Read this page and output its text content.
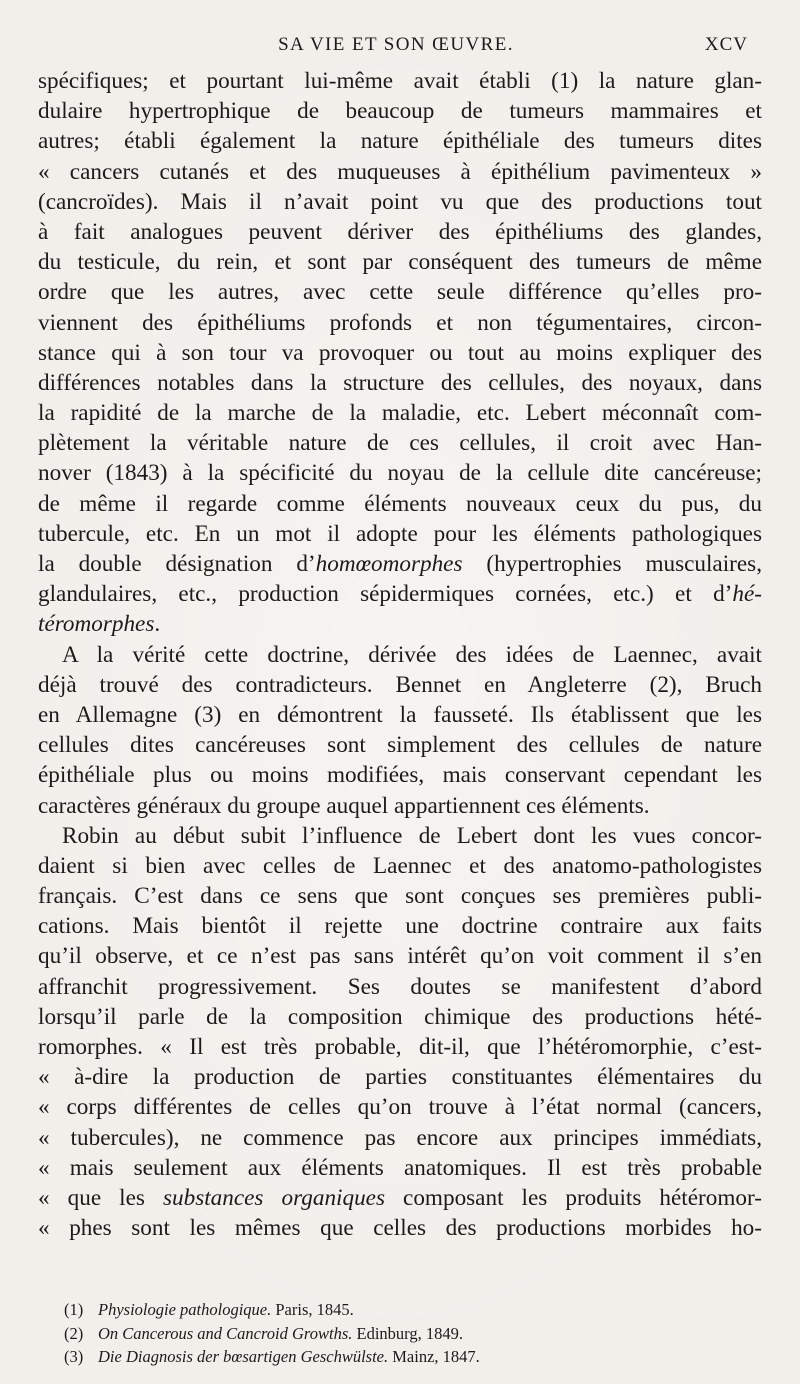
SA VIE ET SON ŒUVRE.	XCV
spécifiques; et pourtant lui-même avait établi (1) la nature glan-
dulaire hypertrophique de beaucoup de tumeurs mammaires et
autres; établi également la nature épithéliale des tumeurs dites
« cancers cutanés et des muqueuses à épithélium pavimenteux »
(cancroïdes). Mais il n’avait point vu que des productions tout
à fait analogues peuvent dériver des épithéliums des glandes,
du testicule, du rein, et sont par conséquent des tumeurs de même
ordre que les autres, avec cette seule différence qu’elles pro-
viennent des épithéliums profonds et non tégumentaires, circon-
stance qui à son tour va provoquer ou tout au moins expliquer des
différences notables dans la structure des cellules, des noyaux, dans
la rapidité de la marche de la maladie, etc. Lebert méconnaît com-
plètement la véritable nature de ces cellules, il croit avec Han-
nover (1843) à la spécificité du noyau de la cellule dite cancéreuse;
de même il regarde comme éléments nouveaux ceux du pus, du
tubercule, etc. En un mot il adopte pour les éléments pathologiques
la double désignation d’homœomorphes (hypertrophies musculaires,
glandulaires, etc., production sépidermiques cornées, etc.) et d’hé-
téromorphes.
A la vérité cette doctrine, dérivée des idées de Laennec, avait
déjà trouvé des contradicteurs. Bennet en Angleterre (2), Bruch
en Allemagne (3) en démontrent la fausseté. Ils établissent que les
cellules dites cancéreuses sont simplement des cellules de nature
épithéliale plus ou moins modifiées, mais conservant cependant les
caractères généraux du groupe auquel appartiennent ces éléments.
Robin au début subit l’influence de Lebert dont les vues concor-
daient si bien avec celles de Laennec et des anatomo-pathologistes
français. C’est dans ce sens que sont conçues ses premières publi-
cations. Mais bientôt il rejette une doctrine contraire aux faits
qu’il observe, et ce n’est pas sans intérêt qu’on voit comment il s’en
affranchit progressivement. Ses doutes se manifestent d’abord
lorsqu’il parle de la composition chimique des productions hété-
romorphes. « Il est très probable, dit-il, que l’hétéromorphie, c’est-
« à-dire la production de parties constituantes élémentaires du
« corps différentes de celles qu’on trouve à l’état normal (cancers,
« tubercules), ne commence pas encore aux principes immédiats,
« mais seulement aux éléments anatomiques. Il est très probable
« que les substances organiques composant les produits hétéromor-
« phes sont les mêmes que celles des productions morbides ho-
(1) Physiologie pathologique. Paris, 1845.
(2) On Cancerous and Cancroid Growths. Edinburg, 1849.
(3) Die Diagnosis der bœsartigen Geschwülste. Mainz, 1847.
